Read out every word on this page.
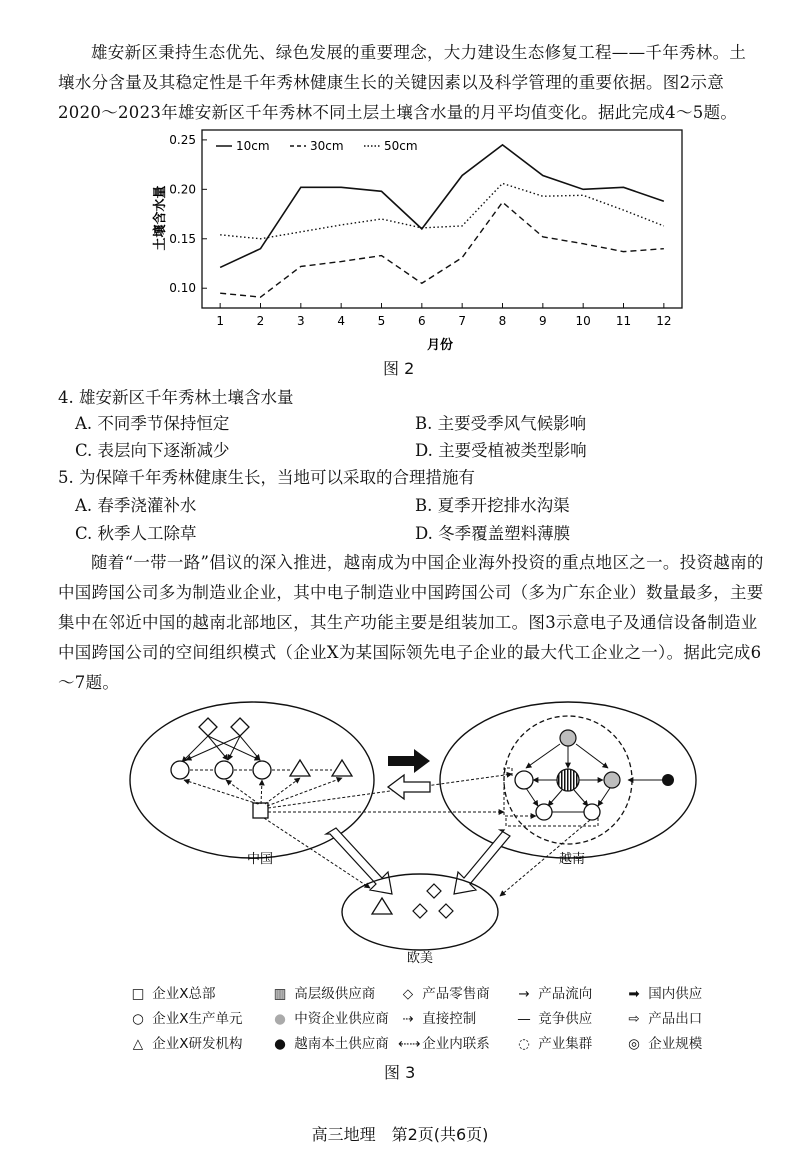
雄安新区秉持生态优先、绿色发展的重要理念，大力建设生态修复工程——千年秀林。土壤水分含量及其稳定性是千年秀林健康生长的关键因素以及科学管理的重要依据。图2示意2020～2023年雄安新区千年秀林不同土层土壤含水量的月平均值变化。据此完成4～5题。

0.10
0.15
0.20
0.25
1	2	3	4	5	6	7	8	9 10 11 12
10cm	30cm	50cm
土壤含水量
月份
图 2

4. 雄安新区千年秀林土壤含水量

A. 不同季节保持恒定	B. 主要受季风气候影响

C. 表层向下逐渐减少	D. 主要受植被类型影响

5. 为保障千年秀林健康生长，当地可以采取的合理措施有

A. 春季浇灌补水	B. 夏季开挖排水沟渠

C. 秋季人工除草	D. 冬季覆盖塑料薄膜

随着“一带一路”倡议的深入推进，越南成为中国企业海外投资的重点地区之一。投资越南的中国跨国公司多为制造业企业，其中电子制造业中国跨国公司（多为广东企业）数量最多，主要集中在邻近中国的越南北部地区，其生产功能主要是组装加工。图3示意电子及通信设备制造业中国跨国公司的空间组织模式（企业X为某国际领先电子企业的最大代工企业之一）。据此完成6～7题。

中国	越南
欧美
□ 企业X总部	▥ 高层级供应商	◇ 产品零售商	→ 产品流向	➡ 国内供应
○ 企业X生产单元	● 中资企业供应商	⇢ 直接控制	— 竞争供应	⇨ 产品出口
△ 企业X研发机构	● 越南本土供应商 ⇠⇢ 企业内联系	◌ 产业集群	◎ 企业规模
图 3
高三地理　第2页(共6页)
